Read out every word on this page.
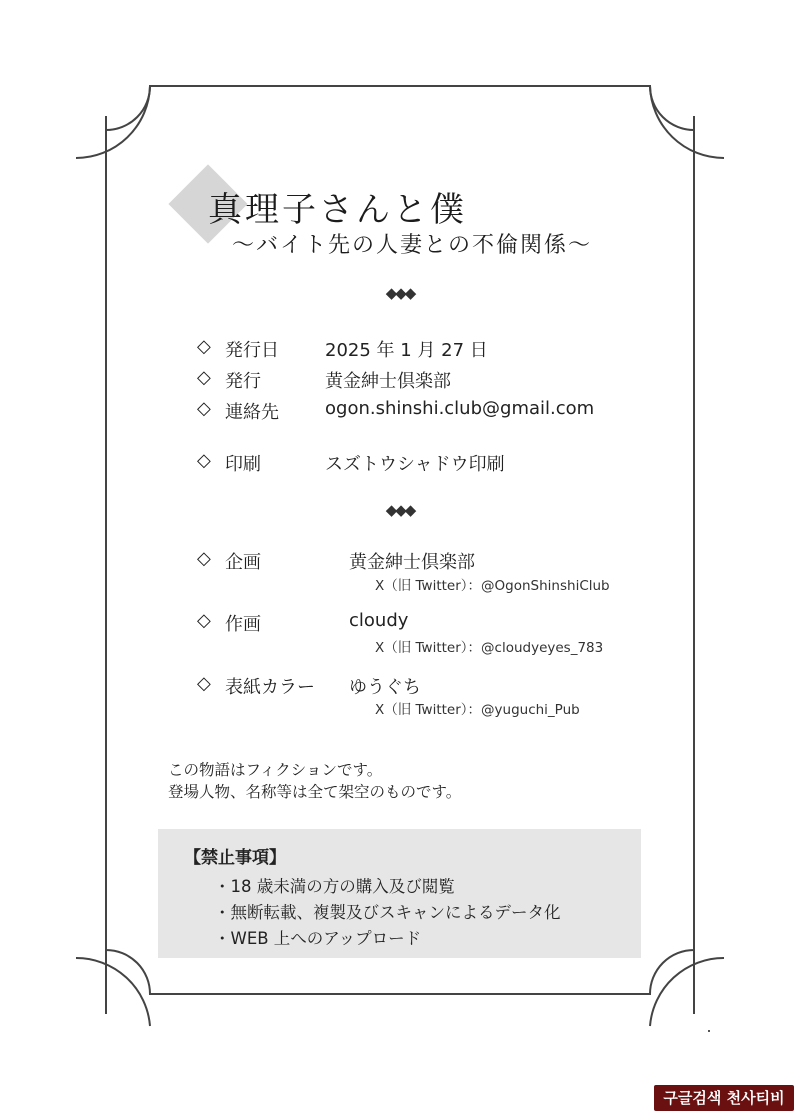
真理子さんと僕
〜バイト先の人妻との不倫関係〜
◆◆◆
◇ 発行日	2025 年 1 月 27 日
◇ 発行	黄金紳士倶楽部
◇ 連絡先	ogon.shinshi.club@gmail.com
◇ 印刷	スズトウシャドウ印刷
◆◆◆
◇ 企画	黄金紳士倶楽部
X（旧 Twitter）：@OgonShinshiClub
◇ 作画	cloudy
X（旧 Twitter）：@cloudyeyes_783
◇ 表紙カラー ゆうぐち
X（旧 Twitter）：@yuguchi_Pub
この物語はフィクションです。
登場人物、名称等は全て架空のものです。
【禁止事項】
・18 歳未満の方の購入及び閲覧
・無断転載、複製及びスキャンによるデータ化
・WEB 上へのアップロード
구글검색 천사티비
